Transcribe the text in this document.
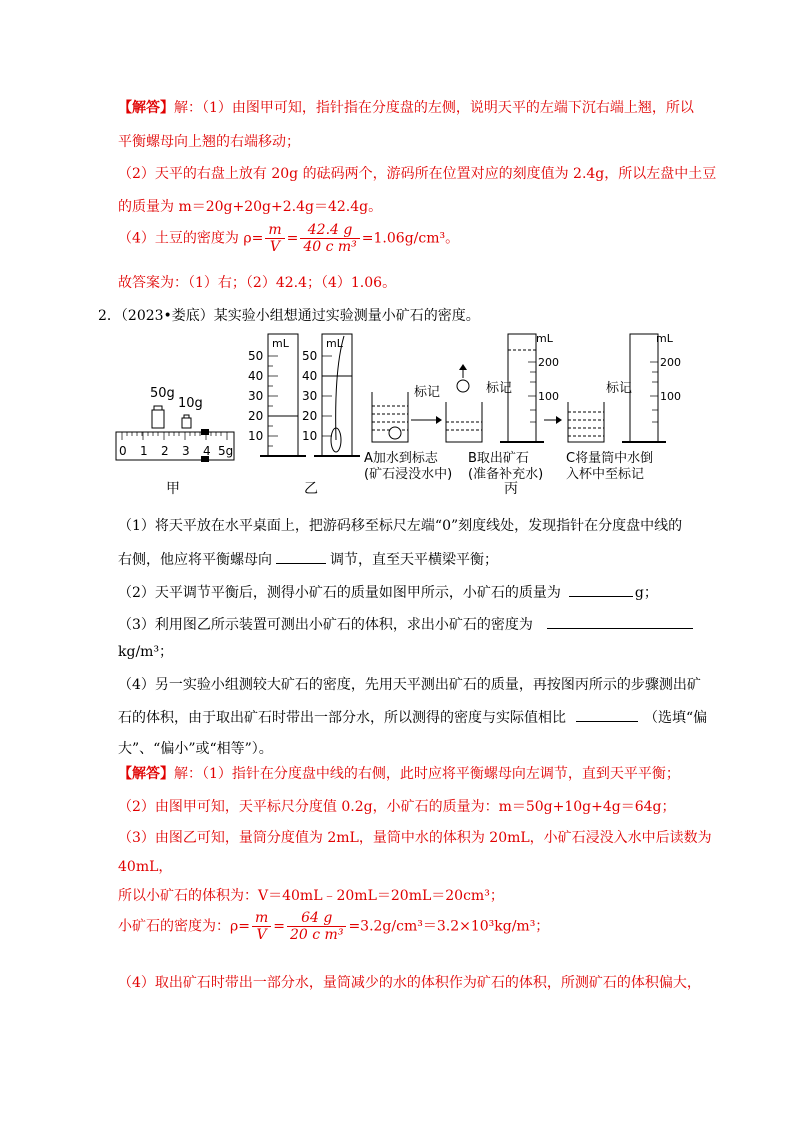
【解答】解：（1）由图甲可知，指针指在分度盘的左侧，说明天平的左端下沉右端上翘，所以
平衡螺母向上翘的右端移动；
（2）天平的右盘上放有 20g 的砝码两个，游码所在位置对应的刻度值为 2.4g，所以左盘中土豆
的质量为 m＝20g+20g+2.4g＝42.4g。
（4）土豆的密度为 $\rho= \frac{m}{V} = \frac{42.4 g}{\text{40 c m³}} =1.06g/cm^3$。
故答案为：（1）右；（2）42.4；（4）1.06。
2．（2023•娄底）某实验小组想通过实验测量小矿石的密度。
50g
10g
0 1 2 3 4 5g
甲
mL
50
40
30
20
10
mL
50
40
30
20
10
乙
标记	标记
mL
200
100
标记
mL
200
100
A加水到标志
(矿石浸没水中)
B取出矿石
(准备补充水)
C将量筒中水倒
入杯中至标记
丙
（1）将天平放在水平桌面上，把游码移至标尺左端“0”刻度线处，发现指针在分度盘中线的
右侧，他应将平衡螺母向	调节，直至天平横梁平衡；
（2）天平调节平衡后，测得小矿石的质量如图甲所示，小矿石的质量为	g；
（3）利用图乙所示装置可测出小矿石的体积，求出小矿石的密度为
kg/m³；
（4）另一实验小组测较大矿石的密度，先用天平测出矿石的质量，再按图丙所示的步骤测出矿
石的体积，由于取出矿石时带出一部分水，所以测得的密度与实际值相比	（选填“偏
大”、“偏小”或“相等”）。
【解答】解：（1）指针在分度盘中线的右侧，此时应将平衡螺母向左调节，直到天平平衡；
（2）由图甲可知，天平标尺分度值 0.2g，小矿石的质量为：m＝50g+10g+4g＝64g；
（3）由图乙可知，量筒分度值为 2mL，量筒中水的体积为 20mL，小矿石浸没入水中后读数为
40mL，
所以小矿石的体积为：V＝40mL﹣20mL＝20mL＝20cm³；
小矿石的密度为：$\rho= \frac{m}{V} = \frac{64 g}{\text{20 c m³}} =3.2g/cm^3=3.2\times 10^3kg/m^3$；
（4）取出矿石时带出一部分水，量筒减少的水的体积作为矿石的体积，所测矿石的体积偏大，
